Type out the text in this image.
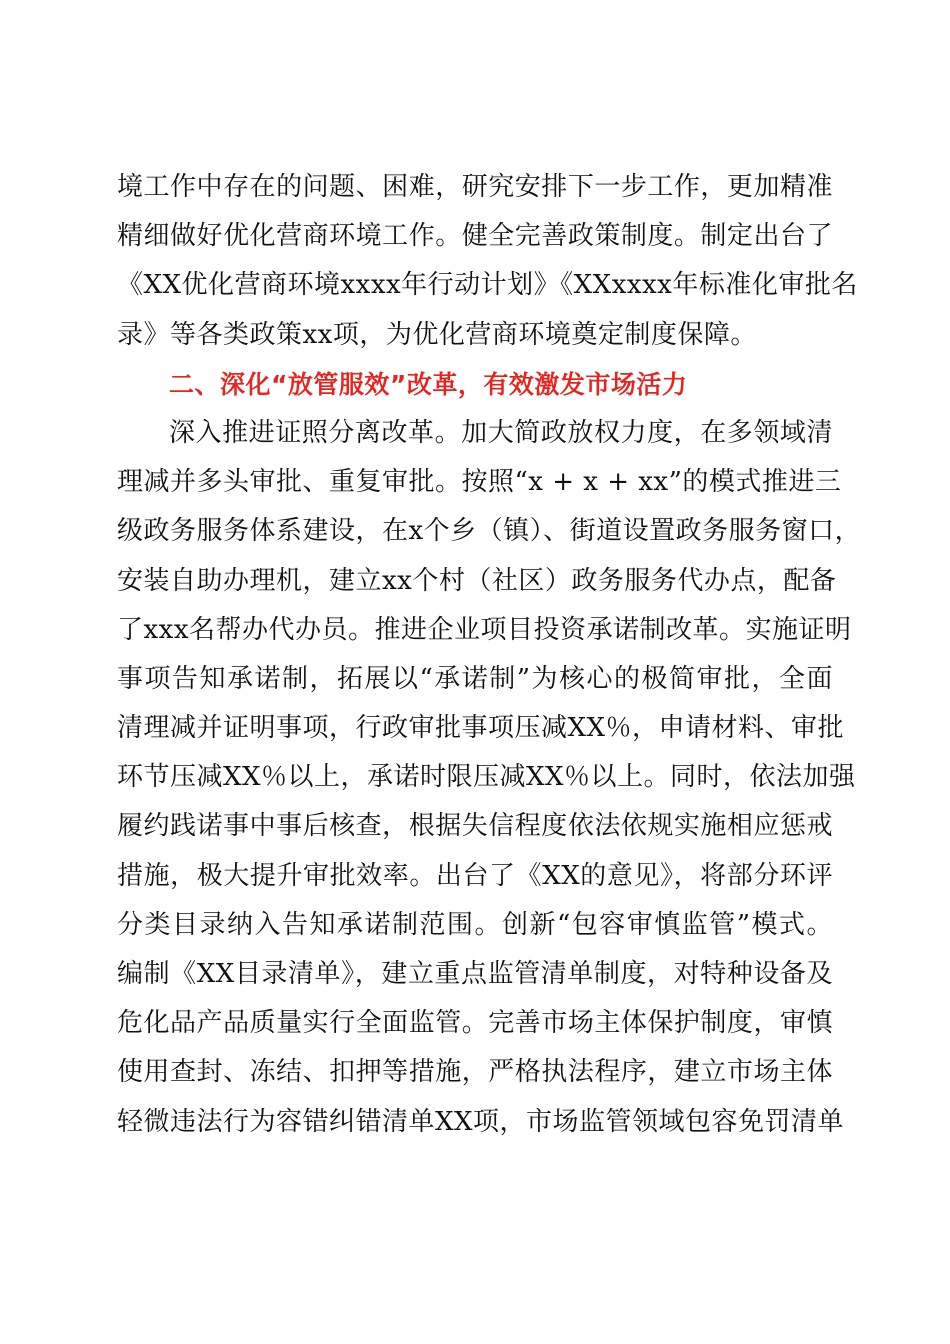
境工作中存在的问题、困难，研究安排下一步工作，更加精准
精细做好优化营商环境工作。健全完善政策制度。制定出台了
《XX优化营商环境xxxx年行动计划》《XXxxxx年标准化审批名
录》等各类政策xx项，为优化营商环境奠定制度保障。
二、深化“放管服效”改革，有效激发市场活力
深入推进证照分离改革。加大简政放权力度，在多领域清
理减并多头审批、重复审批。按照“x + x + xx”的模式推进三
级政务服务体系建设，在x个乡（镇）、街道设置政务服务窗口，
安装自助办理机，建立xx个村（社区）政务服务代办点，配备
了xxx名帮办代办员。推进企业项目投资承诺制改革。实施证明
事项告知承诺制，拓展以“承诺制”为核心的极简审批，全面
清理减并证明事项，行政审批事项压减XX％，申请材料、审批
环节压减XX％以上，承诺时限压减XX％以上。同时，依法加强
履约践诺事中事后核查，根据失信程度依法依规实施相应惩戒
措施，极大提升审批效率。出台了《XX的意见》，将部分环评
分类目录纳入告知承诺制范围。创新“包容审慎监管”模式。
编制《XX目录清单》，建立重点监管清单制度，对特种设备及
危化品产品质量实行全面监管。完善市场主体保护制度，审慎
使用查封、冻结、扣押等措施，严格执法程序，建立市场主体
轻微违法行为容错纠错清单XX项，市场监管领域包容免罚清单
